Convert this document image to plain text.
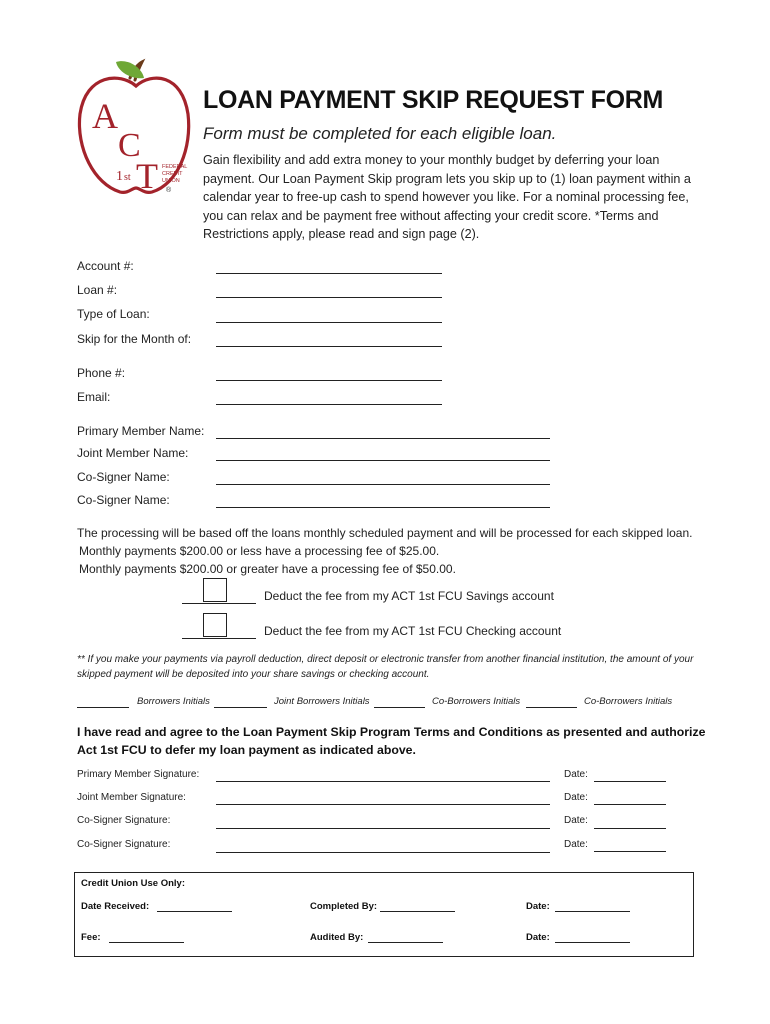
A
C
T
1 st
FEDERAL
CREDIT
UNION
®
LOAN PAYMENT SKIP REQUEST FORM
Form must be completed for each eligible loan.
Gain flexibility and add extra money to your monthly budget by deferring your loan payment. Our Loan Payment Skip program lets you skip up to (1) loan payment within a calendar year to free-up cash to spend however you like. For a nominal processing fee, you can relax and be payment free without affecting your credit score. *Terms and Restrictions apply, please read and sign page (2).
Account #:
Loan #:
Type of Loan:
Skip for the Month of:
Phone #:
Email:
Primary Member Name:
Joint Member Name:
Co-Signer Name:
Co-Signer Name:
The processing will be based off the loans monthly scheduled payment and will be processed for each skipped loan.
Monthly payments $200.00 or less have a processing fee of $25.00.
Monthly payments $200.00 or greater have a processing fee of $50.00.
Deduct the fee from my ACT 1st FCU Savings account
Deduct the fee from my ACT 1st FCU Checking account
** If you make your payments via payroll deduction, direct deposit or electronic transfer from another financial institution, the amount of your skipped payment will be deposited into your share savings or checking account.
Borrowers Initials	Joint Borrowers Initials	Co-Borrowers Initials	Co-Borrowers Initials
I have read and agree to the Loan Payment Skip Program Terms and Conditions as presented and authorize Act 1st FCU to defer my loan payment as indicated above.
Primary Member Signature:	Date:
Joint Member Signature:	Date:
Co-Signer Signature:	Date:
Co-Signer Signature:	Date:
Credit Union Use Only:
Date Received:	Completed By:	Date:
Fee:	Audited By:	Date:
